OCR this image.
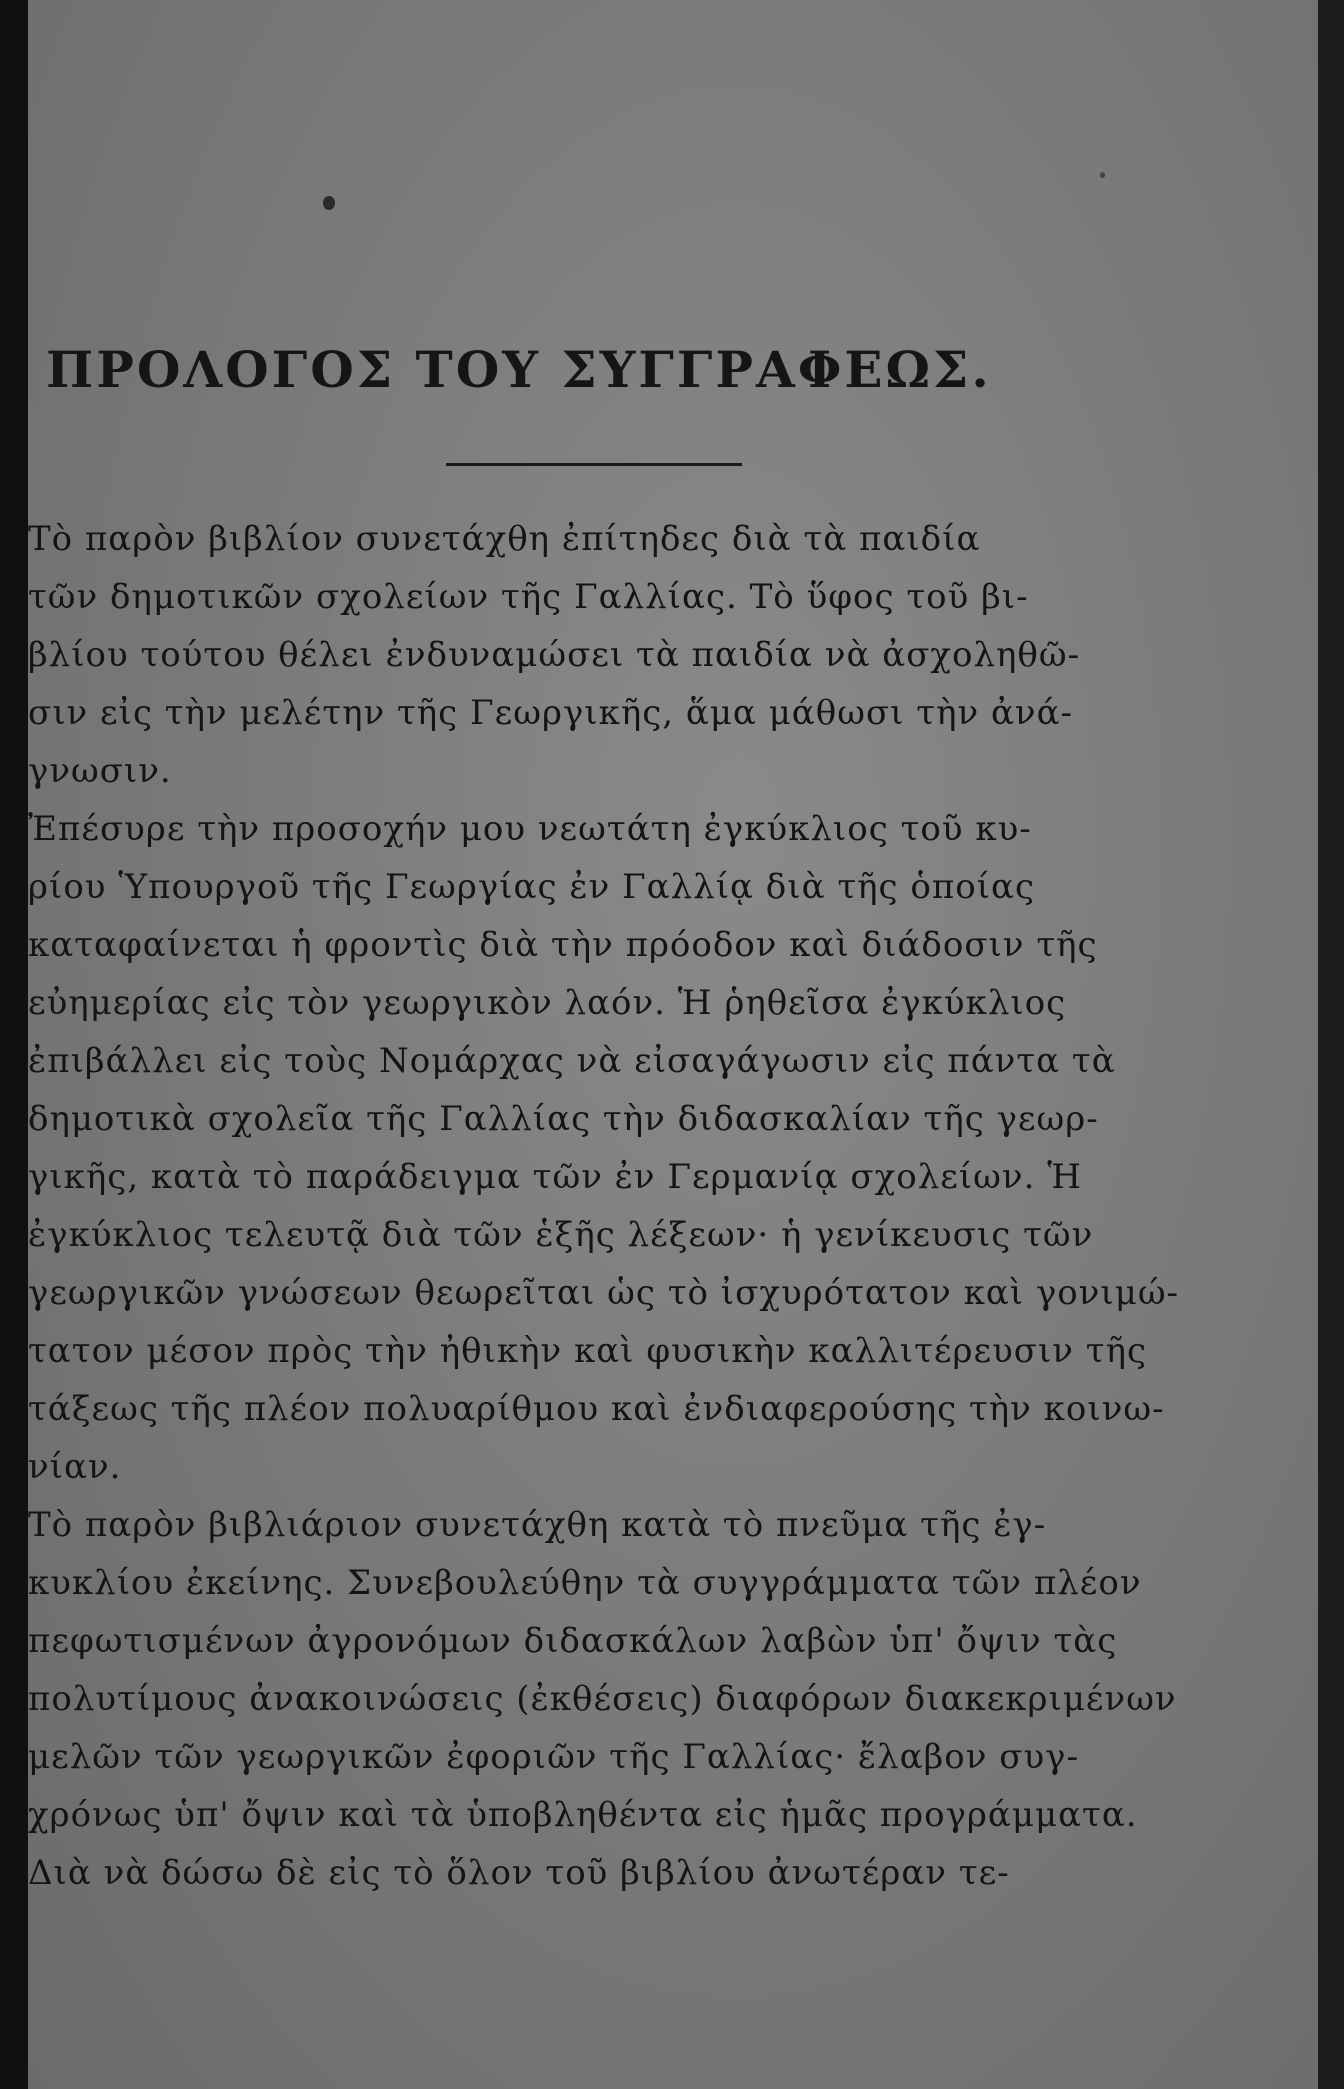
ΠΡΟΛΟΓΟΣ ΤΟΥ ΣΥΓΓΡΑΦΕΩΣ.
Τὸ παρὸν βιβλίον συνετάχθη ἐπίτηδες διὰ τὰ παιδία
τῶν δημοτικῶν σχολείων τῆς Γαλλίας. Τὸ ὕφος τοῦ βι-
βλίου τούτου θέλει ἐνδυναμώσει τὰ παιδία νὰ ἀσχοληθῶ-
σιν εἰς τὴν μελέτην τῆς Γεωργικῆς, ἅμα μάθωσι τὴν ἀνά-
γνωσιν.
Ἐπέσυρε τὴν προσοχήν μου νεωτάτη ἐγκύκλιος τοῦ κυ-
ρίου Ὑπουργοῦ τῆς Γεωργίας ἐν Γαλλίᾳ διὰ τῆς ὁποίας
καταφαίνεται ἡ φροντὶς διὰ τὴν πρόοδον καὶ διάδοσιν τῆς
εὐημερίας εἰς τὸν γεωργικὸν λαόν. Ἡ ῥηθεῖσα ἐγκύκλιος
ἐπιβάλλει εἰς τοὺς Νομάρχας νὰ εἰσαγάγωσιν εἰς πάντα τὰ
δημοτικὰ σχολεῖα τῆς Γαλλίας τὴν διδασκαλίαν τῆς γεωρ-
γικῆς, κατὰ τὸ παράδειγμα τῶν ἐν Γερμανίᾳ σχολείων. Ἡ
ἐγκύκλιος τελευτᾷ διὰ τῶν ἑξῆς λέξεων· ἡ γενίκευσις τῶν
γεωργικῶν γνώσεων θεωρεῖται ὡς τὸ ἰσχυρότατον καὶ γονιμώ-
τατον μέσον πρὸς τὴν ἠθικὴν καὶ φυσικὴν καλλιτέρευσιν τῆς
τάξεως τῆς πλέον πολυαρίθμου καὶ ἐνδιαφερούσης τὴν κοινω-
νίαν.
Τὸ παρὸν βιβλιάριον συνετάχθη κατὰ τὸ πνεῦμα τῆς ἐγ-
κυκλίου ἐκείνης. Συνεβουλεύθην τὰ συγγράμματα τῶν πλέον
πεφωτισμένων ἀγρονόμων διδασκάλων λαβὼν ὑπ' ὄψιν τὰς
πολυτίμους ἀνακοινώσεις (ἐκθέσεις) διαφόρων διακεκριμένων
μελῶν τῶν γεωργικῶν ἐφοριῶν τῆς Γαλλίας· ἔλαβον συγ-
χρόνως ὑπ' ὄψιν καὶ τὰ ὑποβληθέντα εἰς ἡμᾶς προγράμματα.
Διὰ νὰ δώσω δὲ εἰς τὸ ὅλον τοῦ βιβλίου ἀνωτέραν τε-
